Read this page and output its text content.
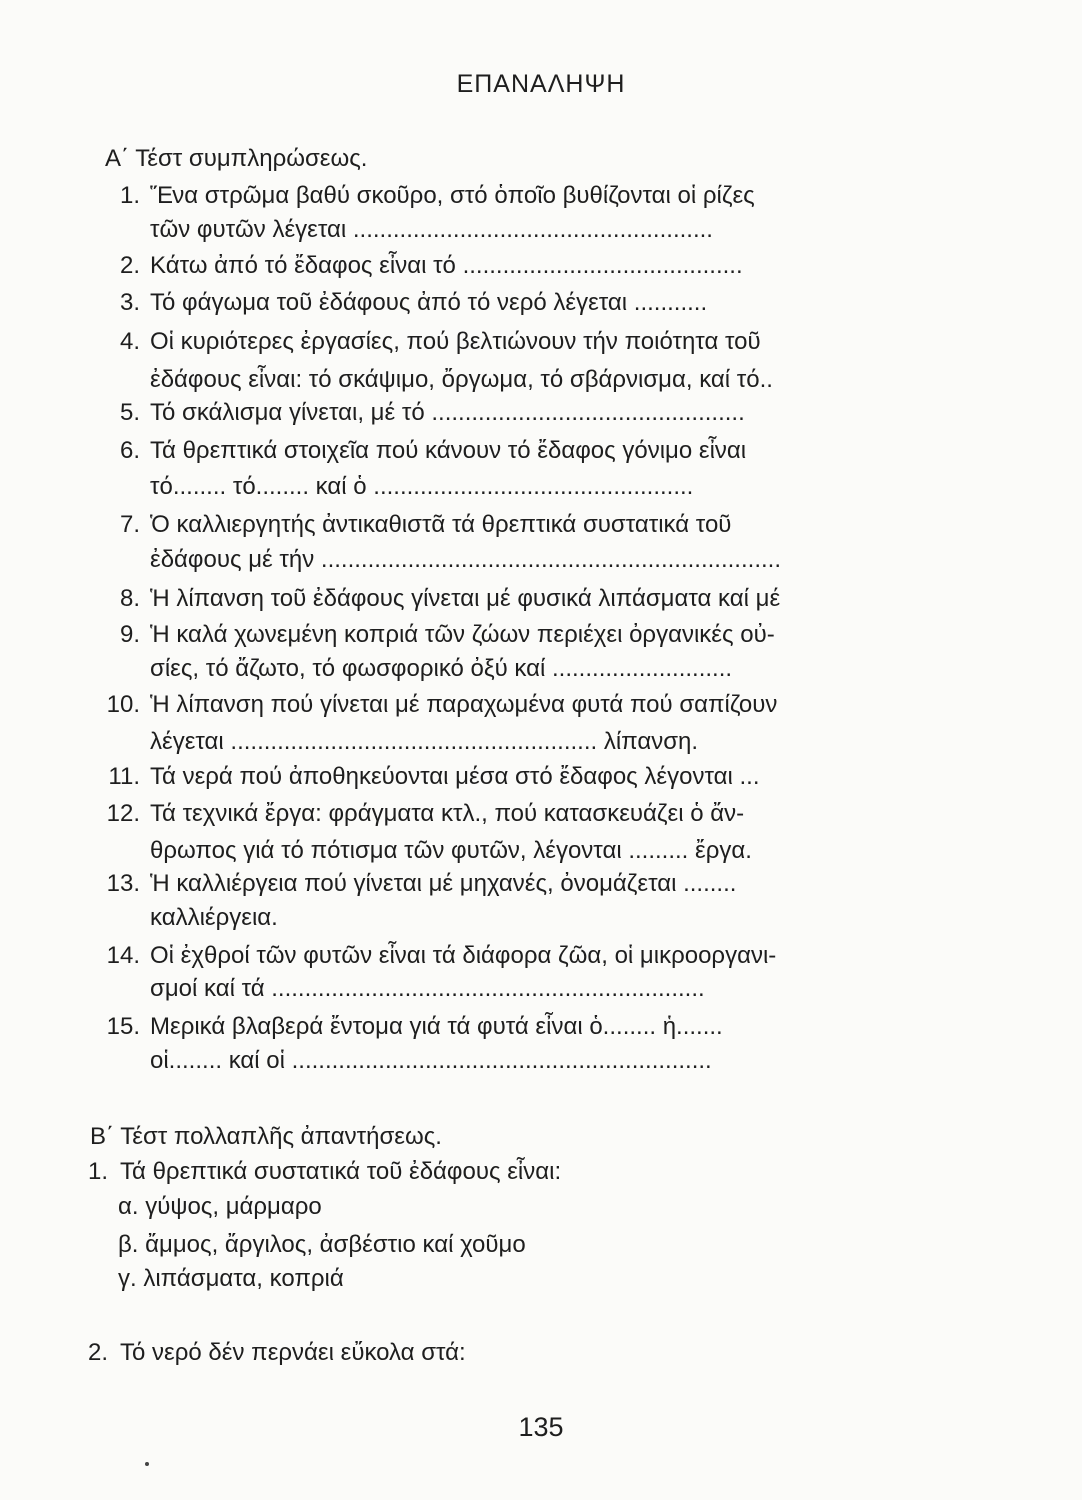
ΕΠΑΝΑΛΗΨΗ
Α΄ Τέστ συμπληρώσεως.
1. Ἕνα στρῶμα βαθύ σκοῦρο, στό ὁποῖο βυθίζονται οἱ ρίζες
τῶν φυτῶν λέγεται ......................................................
2. Κάτω ἀπό τό ἔδαφος εἶναι τό ..........................................
3. Τό φάγωμα τοῦ ἐδάφους ἀπό τό νερό λέγεται ...........
4. Οἱ κυριότερες ἐργασίες, πού βελτιώνουν τήν ποιότητα τοῦ
ἐδάφους εἶναι: τό σκάψιμο, ὄργωμα, τό σβάρνισμα, καί τό..
5. Τό σκάλισμα γίνεται, μέ τό ...............................................
6. Τά θρεπτικά στοιχεῖα πού κάνουν τό ἔδαφος γόνιμο εἶναι
τό........ τό........ καί ὁ ................................................
7. Ὁ καλλιεργητής ἀντικαθιστᾶ τά θρεπτικά συστατικά τοῦ
ἐδάφους μέ τήν .....................................................................
8. Ἡ λίπανση τοῦ ἐδάφους γίνεται μέ φυσικά λιπάσματα καί μέ
9. Ἡ καλά χωνεμένη κοπριά τῶν ζώων περιέχει ὀργανικές οὐ-
σίες, τό ἄζωτο, τό φωσφορικό ὀξύ καί ...........................
10. Ἡ λίπανση πού γίνεται μέ παραχωμένα φυτά πού σαπίζουν
λέγεται ....................................................... λίπανση.
11. Τά νερά πού ἀποθηκεύονται μέσα στό ἔδαφος λέγονται ...
12. Τά τεχνικά ἔργα: φράγματα κτλ., πού κατασκευάζει ὁ ἄν-
θρωπος γιά τό πότισμα τῶν φυτῶν, λέγονται ......... ἔργα.
13. Ἡ καλλιέργεια πού γίνεται μέ μηχανές, ὀνομάζεται ........
καλλιέργεια.
14. Οἱ ἐχθροί τῶν φυτῶν εἶναι τά διάφορα ζῶα, οἱ μικροοργανι-
σμοί καί τά .................................................................
15. Μερικά βλαβερά ἔντομα γιά τά φυτά εἶναι ὁ........ ἡ.......
οἱ........ καί οἱ ...............................................................
Β΄ Τέστ πολλαπλῆς ἀπαντήσεως.
1. Τά θρεπτικά συστατικά τοῦ ἐδάφους εἶναι:
α. γύψος, μάρμαρο
β. ἄμμος, ἄργιλος, ἀσβέστιο καί χοῦμο
γ. λιπάσματα, κοπριά
2. Τό νερό δέν περνάει εὔκολα στά:
135
